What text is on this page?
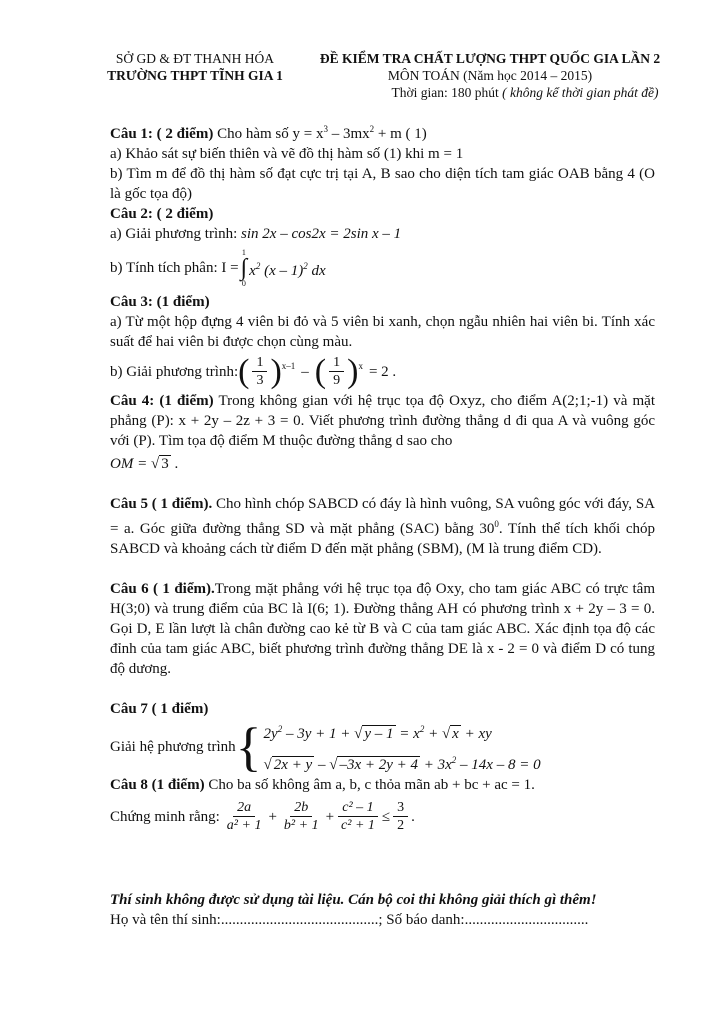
SỞ GD & ĐT THANH HÓA
TRƯỜNG THPT TĨNH GIA 1
ĐỀ KIỂM TRA CHẤT LƯỢNG THPT QUỐC GIA LẦN 2
MÔN TOÁN (Năm học 2014 – 2015)
Thời gian: 180 phút ( không kể thời gian phát đề)

Câu 1: ( 2 điểm) Cho hàm số $y = x^3 - 3mx^2 + m$ ( 1)

a) Khảo sát sự biến thiên và vẽ đồ thị hàm số (1) khi m = 1

b) Tìm m để đồ thị hàm số đạt cực trị tại A, B sao cho diện tích tam giác OAB bằng 4 (O là gốc tọa độ)

Câu 2: ( 2 điểm)

a) Giải phương trình: sin 2x – cos2x = 2sin x – 1

b) Tính tích phân: I =
1
∫
0
$x^2$ (x – 1)$^2$ dx

Câu 3: (1 điểm)

a) Từ một hộp đựng 4 viên bi đỏ và 5 viên bi xanh, chọn ngẫu nhiên hai viên bi. Tính xác suất để hai viên bi được chọn cùng màu.

b) Giải phương trình: ( $\frac{1}{3}$ ) x–1 – ( $\frac{1}{9}$ ) x = 2 .

Câu 4: (1 điểm) Trong không gian với hệ trục tọa độ Oxyz, cho điểm A(2;1;-1) và mặt phẳng (P): x + 2y – 2z + 3 = 0. Viết phương trình đường thẳng d đi qua A và vuông góc với (P). Tìm tọa độ điểm M thuộc đường thẳng d sao cho

OM = √ 3 .

Câu 5 ( 1 điểm). Cho hình chóp SABCD có đáy là hình vuông, SA vuông góc với đáy, SA = a. Góc giữa đường thẳng SD và mặt phẳng (SAC) bằng $30^0$. Tính thể tích khối chóp SABCD và khoảng cách từ điểm D đến mặt phẳng (SBM), (M là trung điểm CD).

Câu 6 ( 1 điểm).Trong mặt phẳng với hệ trục tọa độ Oxy, cho tam giác ABC có trực tâm H(3;0) và trung điểm của BC là I(6; 1). Đường thẳng AH có phương trình x + 2y – 3 = 0. Gọi D, E lần lượt là chân đường cao kẻ từ B và C của tam giác ABC. Xác định tọa độ các đỉnh của tam giác ABC, biết phương trình đường thẳng DE là x - 2 = 0 và điểm D có tung độ dương.

Câu 7 ( 1 điểm)

Giải hệ phương trình { $2y^2 - 3y + 1$ + √ $y - 1 = x^2$ + √ x + xy
√ 2x + y – √ $-3x + 2y + 4 + 3x^2 - 14x - 8 = 0$

Câu 8 (1 điểm) Cho ba số không âm a, b, c thỏa mãn ab + bc + ac = 1.

Chứng minh rằng: $\frac{2a}{\text{a² + 1}} + \frac{2b}{\text{b² + 1}} + \frac{\text{c² – 1}}{\text{c² + 1}} \le \frac{3}{2}$ .

Thí sinh không được sử dụng tài liệu. Cán bộ coi thi không giải thích gì thêm!

Họ và tên thí sinh:..........................................; Số báo danh:.................................
